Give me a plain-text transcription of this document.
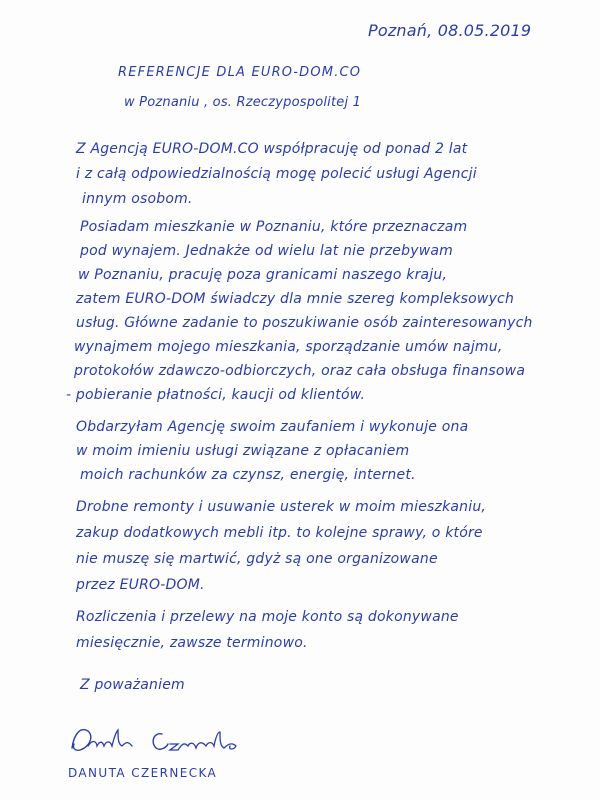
Poznań, 08.05.2019
REFERENCJE DLA EURO-DOM.CO
w Poznaniu , os. Rzeczypospolitej 1
Z Agencją EURO-DOM.CO współpracuję od ponad 2 lat
i z całą odpowiedzialnością mogę polecić usługi Agencji
innym osobom.
Posiadam mieszkanie w Poznaniu, które przeznaczam
pod wynajem. Jednakże od wielu lat nie przebywam
w Poznaniu, pracuję poza granicami naszego kraju,
zatem EURO-DOM świadczy dla mnie szereg kompleksowych
usług. Główne zadanie to poszukiwanie osób zainteresowanych
wynajmem mojego mieszkania, sporządzanie umów najmu,
protokołów zdawczo-odbiorczych, oraz cała obsługa finansowa
- pobieranie płatności, kaucji od klientów.
Obdarzyłam Agencję swoim zaufaniem i wykonuje ona
w moim imieniu usługi związane z opłacaniem
moich rachunków za czynsz, energię, internet.
Drobne remonty i usuwanie usterek w moim mieszkaniu,
zakup dodatkowych mebli itp. to kolejne sprawy, o które
nie muszę się martwić, gdyż są one organizowane
przez EURO-DOM.
Rozliczenia i przelewy na moje konto są dokonywane
miesięcznie, zawsze terminowo.
Z poważaniem
DANUTA CZERNECKA
